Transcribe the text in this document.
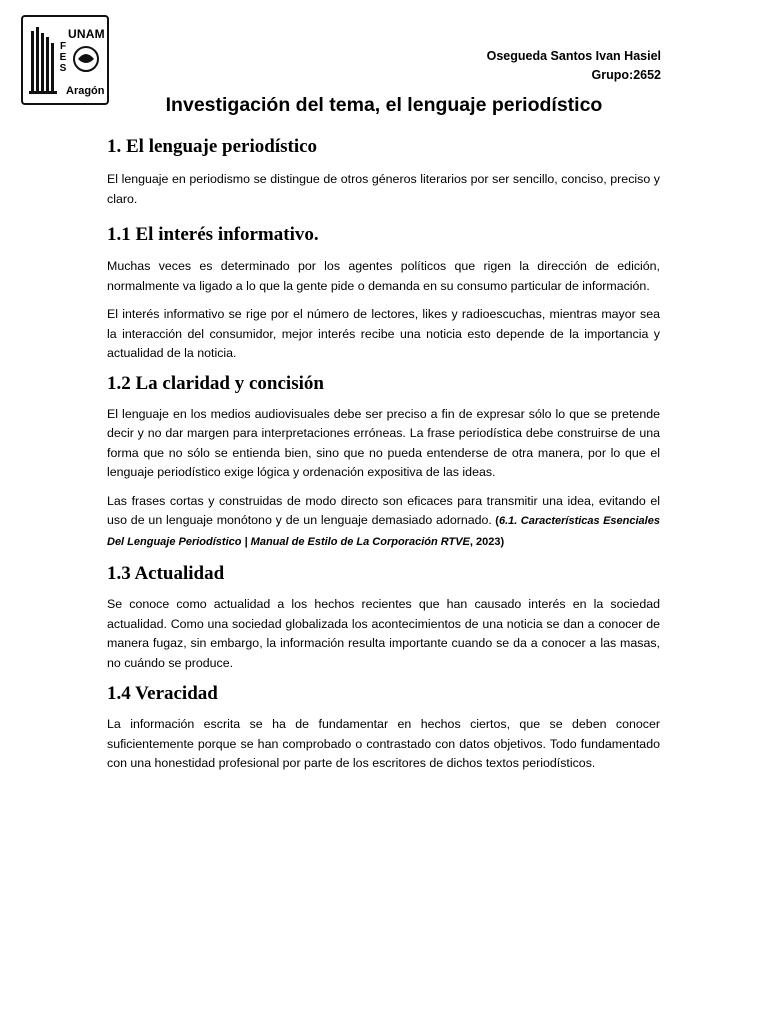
UNAM
F
E
S
Aragón
Osegueda Santos Ivan Hasiel
Grupo:2652
Investigación del tema, el lenguaje periodístico
1. El lenguaje periodístico

El lenguaje en periodismo se distingue de otros géneros literarios por ser sencillo, conciso, preciso y claro.

1.1 El interés informativo.

Muchas veces es determinado por los agentes políticos que rigen la dirección de edición, normalmente va ligado a lo que la gente pide o demanda en su consumo particular de información.

El interés informativo se rige por el número de lectores, likes y radioescuchas, mientras mayor sea la interacción del consumidor, mejor interés recibe una noticia esto depende de la importancia y actualidad de la noticia.

1.2 La claridad y concisión

El lenguaje en los medios audiovisuales debe ser preciso a fin de expresar sólo lo que se pretende decir y no dar margen para interpretaciones erróneas. La frase periodística debe construirse de una forma que no sólo se entienda bien, sino que no pueda entenderse de otra manera, por lo que el lenguaje periodístico exige lógica y ordenación expositiva de las ideas.

Las frases cortas y construidas de modo directo son eficaces para transmitir una idea, evitando el uso de un lenguaje monótono y de un lenguaje demasiado adornado. (6.1. Características Esenciales Del Lenguaje Periodístico | Manual de Estilo de La Corporación RTVE, 2023)

1.3 Actualidad

Se conoce como actualidad a los hechos recientes que han causado interés en la sociedad actualidad. Como una sociedad globalizada los acontecimientos de una noticia se dan a conocer de manera fugaz, sin embargo, la información resulta importante cuando se da a conocer a las masas, no cuándo se produce.

1.4 Veracidad

La información escrita se ha de fundamentar en hechos ciertos, que se deben conocer suficientemente porque se han comprobado o contrastado con datos objetivos. Todo fundamentado con una honestidad profesional por parte de los escritores de dichos textos periodísticos.
